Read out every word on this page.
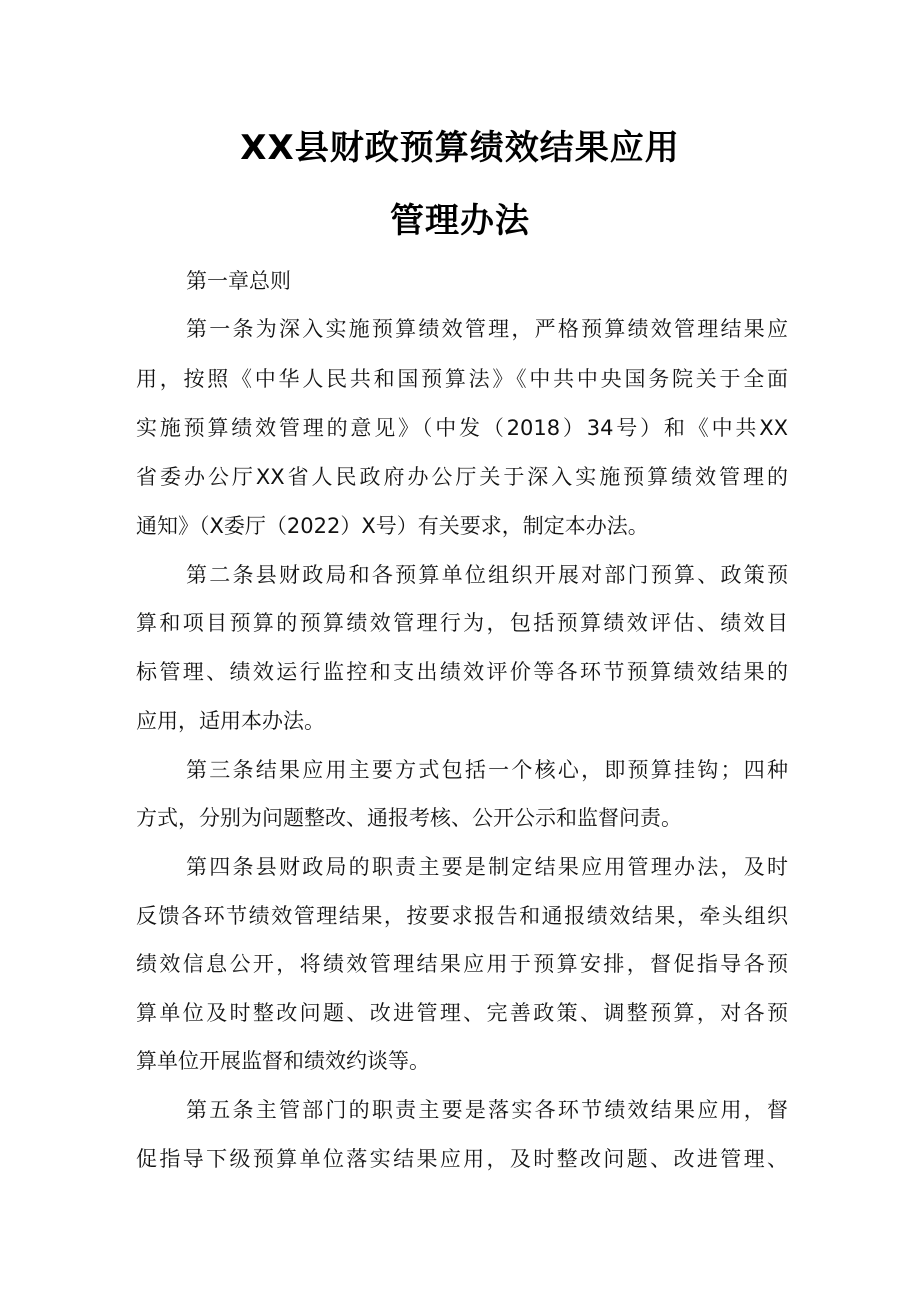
XX县财政预算绩效结果应用
管理办法
第一章总则
第一条为深入实施预算绩效管理，严格预算绩效管理结果应
用，按照《中华人民共和国预算法》《中共中央国务院关于全面
实施预算绩效管理的意见》（中发（2018）34号）和《中共XX
省委办公厅XX省人民政府办公厅关于深入实施预算绩效管理的
通知》（X委厅（2022）X号）有关要求，制定本办法。
第二条县财政局和各预算单位组织开展对部门预算、政策预
算和项目预算的预算绩效管理行为，包括预算绩效评估、绩效目
标管理、绩效运行监控和支出绩效评价等各环节预算绩效结果的
应用，适用本办法。
第三条结果应用主要方式包括一个核心，即预算挂钩；四种
方式，分别为问题整改、通报考核、公开公示和监督问责。
第四条县财政局的职责主要是制定结果应用管理办法，及时
反馈各环节绩效管理结果，按要求报告和通报绩效结果，牵头组织
绩效信息公开，将绩效管理结果应用于预算安排，督促指导各预
算单位及时整改问题、改进管理、完善政策、调整预算，对各预
算单位开展监督和绩效约谈等。
第五条主管部门的职责主要是落实各环节绩效结果应用，督
促指导下级预算单位落实结果应用，及时整改问题、改进管理、
